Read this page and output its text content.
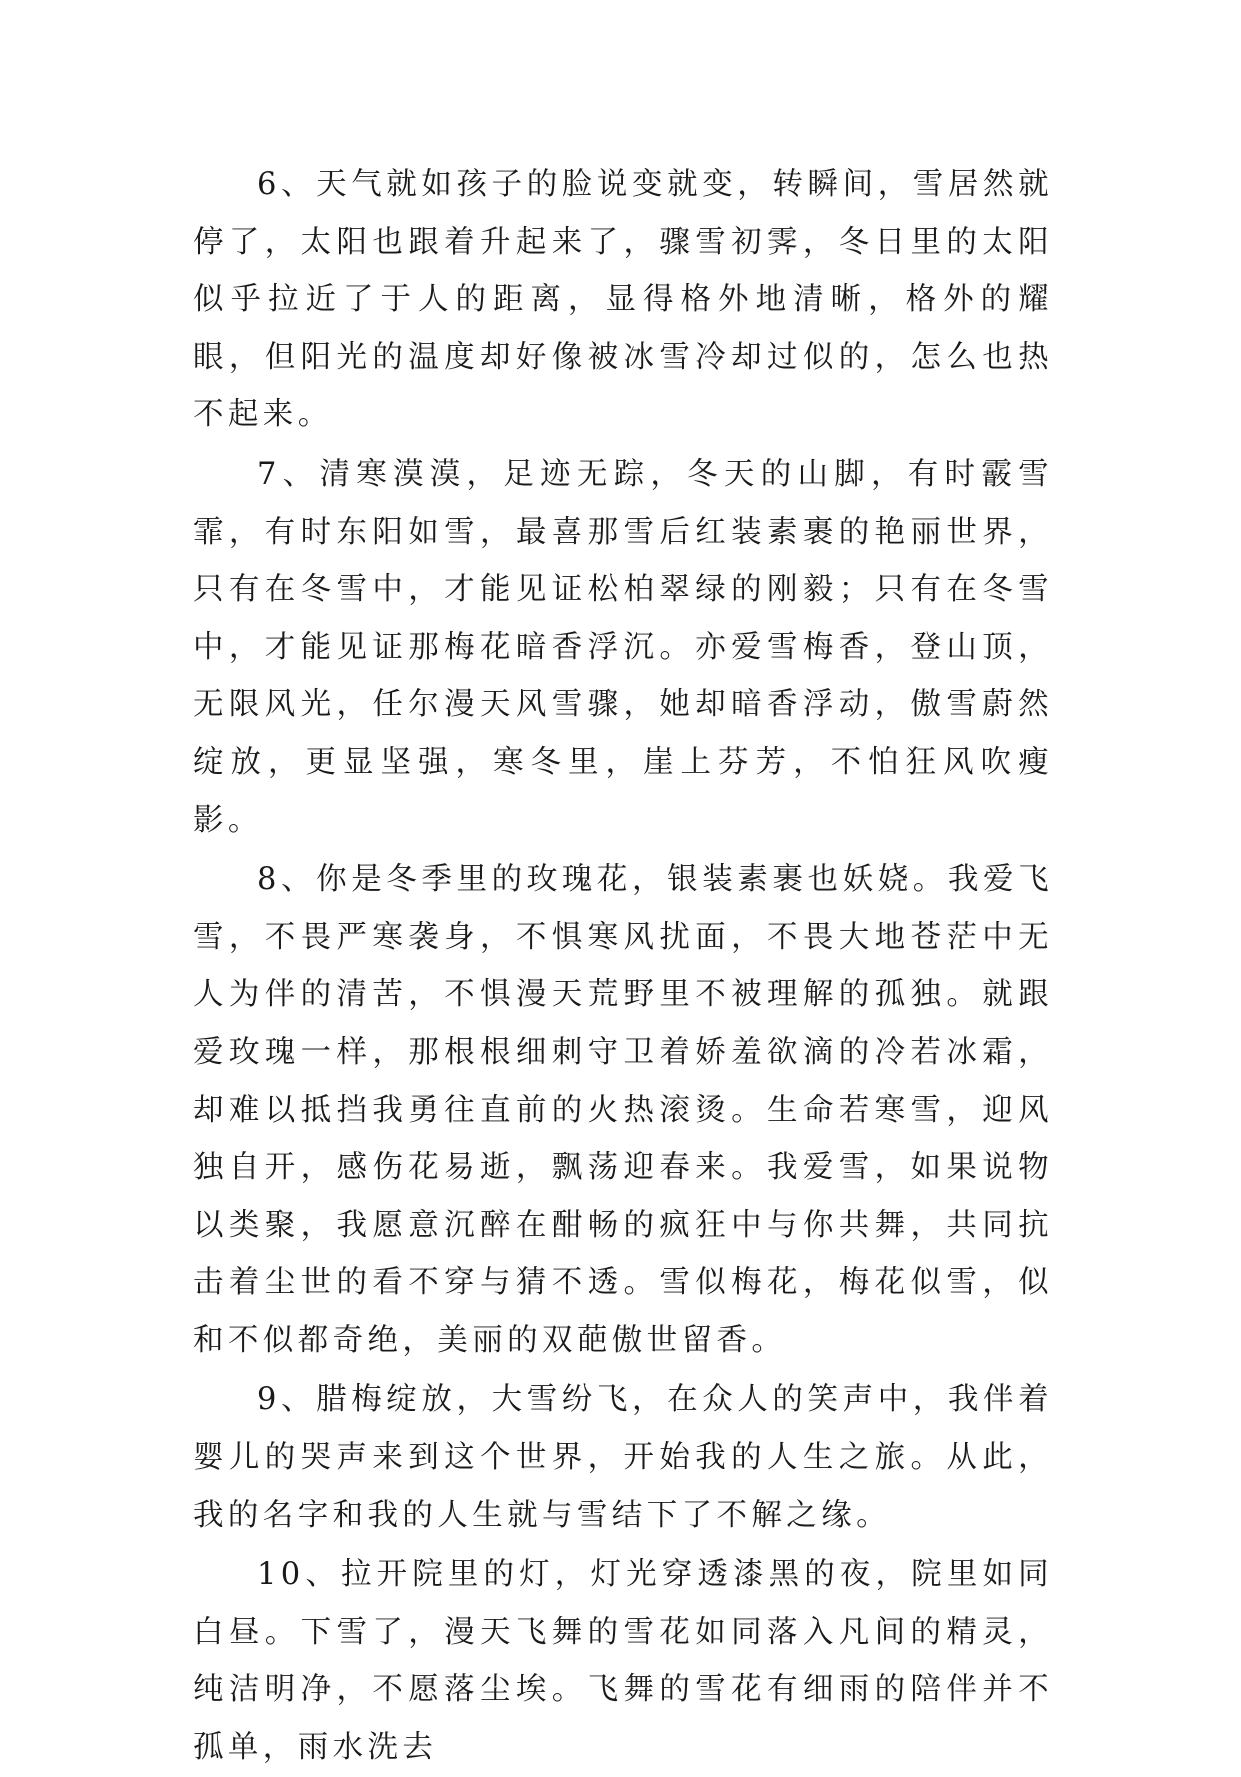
6、天气就如孩子的脸说变就变，转瞬间，雪居然就停了，太阳也跟着升起来了，骤雪初霁，冬日里的太阳似乎拉近了于人的距离，显得格外地清晰，格外的耀眼，但阳光的温度却好像被冰雪冷却过似的，怎么也热不起来。

7、清寒漠漠，足迹无踪，冬天的山脚，有时霰雪霏，有时东阳如雪，最喜那雪后红装素裹的艳丽世界，只有在冬雪中，才能见证松柏翠绿的刚毅；只有在冬雪中，才能见证那梅花暗香浮沉。亦爱雪梅香，登山顶，无限风光，任尔漫天风雪骤，她却暗香浮动，傲雪蔚然绽放，更显坚强，寒冬里，崖上芬芳，不怕狂风吹瘦影。

8、你是冬季里的玫瑰花，银装素裹也妖娆。我爱飞雪，不畏严寒袭身，不惧寒风扰面，不畏大地苍茫中无人为伴的清苦，不惧漫天荒野里不被理解的孤独。就跟爱玫瑰一样，那根根细刺守卫着娇羞欲滴的冷若冰霜，却难以抵挡我勇往直前的火热滚烫。生命若寒雪，迎风独自开，感伤花易逝，飘荡迎春来。我爱雪，如果说物以类聚，我愿意沉醉在酣畅的疯狂中与你共舞，共同抗击着尘世的看不穿与猜不透。雪似梅花，梅花似雪，似和不似都奇绝，美丽的双葩傲世留香。

9、腊梅绽放，大雪纷飞，在众人的笑声中，我伴着婴儿的哭声来到这个世界，开始我的人生之旅。从此，我的名字和我的人生就与雪结下了不解之缘。

10、拉开院里的灯，灯光穿透漆黑的夜，院里如同白昼。下雪了，漫天飞舞的雪花如同落入凡间的精灵，纯洁明净，不愿落尘埃。飞舞的雪花有细雨的陪伴并不孤单，雨水洗去
